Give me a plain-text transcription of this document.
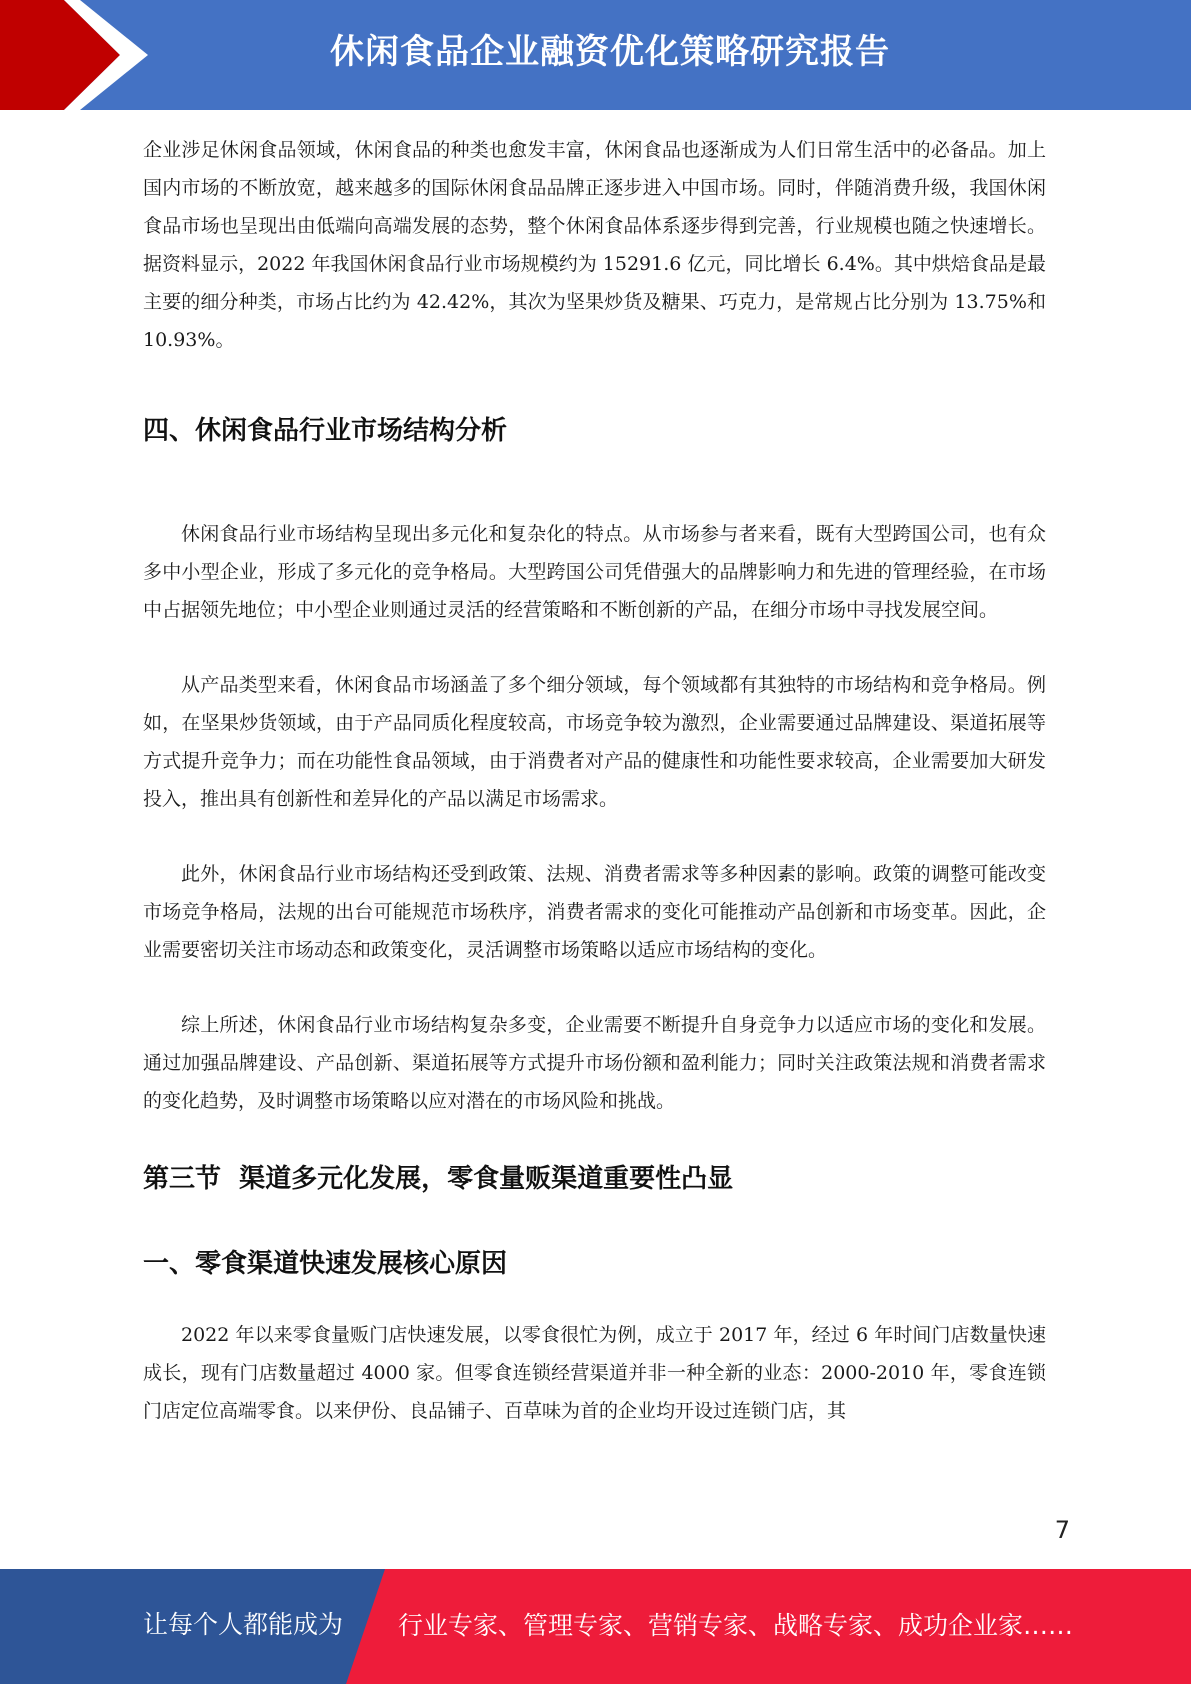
休闲食品企业融资优化策略研究报告

企业涉足休闲食品领域，休闲食品的种类也愈发丰富，休闲食品也逐渐成为人们日常生活中的必备品。加上国内市场的不断放宽，越来越多的国际休闲食品品牌正逐步进入中国市场。同时，伴随消费升级，我国休闲食品市场也呈现出由低端向高端发展的态势，整个休闲食品体系逐步得到完善，行业规模也随之快速增长。据资料显示，2022 年我国休闲食品行业市场规模约为 15291.6 亿元，同比增长 6.4%。其中烘焙食品是最主要的细分种类，市场占比约为 42.42%，其次为坚果炒货及糖果、巧克力，是常规占比分别为 13.75%和 10.93%。

四、休闲食品行业市场结构分析

休闲食品行业市场结构呈现出多元化和复杂化的特点。从市场参与者来看，既有大型跨国公司，也有众多中小型企业，形成了多元化的竞争格局。大型跨国公司凭借强大的品牌影响力和先进的管理经验，在市场中占据领先地位；中小型企业则通过灵活的经营策略和不断创新的产品，在细分市场中寻找发展空间。

从产品类型来看，休闲食品市场涵盖了多个细分领域，每个领域都有其独特的市场结构和竞争格局。例如，在坚果炒货领域，由于产品同质化程度较高，市场竞争较为激烈，企业需要通过品牌建设、渠道拓展等方式提升竞争力；而在功能性食品领域，由于消费者对产品的健康性和功能性要求较高，企业需要加大研发投入，推出具有创新性和差异化的产品以满足市场需求。

此外，休闲食品行业市场结构还受到政策、法规、消费者需求等多种因素的影响。政策的调整可能改变市场竞争格局，法规的出台可能规范市场秩序，消费者需求的变化可能推动产品创新和市场变革。因此，企业需要密切关注市场动态和政策变化，灵活调整市场策略以适应市场结构的变化。

综上所述，休闲食品行业市场结构复杂多变，企业需要不断提升自身竞争力以适应市场的变化和发展。通过加强品牌建设、产品创新、渠道拓展等方式提升市场份额和盈利能力；同时关注政策法规和消费者需求的变化趋势，及时调整市场策略以应对潜在的市场风险和挑战。

第三节  渠道多元化发展，零食量贩渠道重要性凸显
一、零食渠道快速发展核心原因

2022 年以来零食量贩门店快速发展，以零食很忙为例，成立于 2017 年，经过 6 年时间门店数量快速成长，现有门店数量超过 4000 家。但零食连锁经营渠道并非一种全新的业态：2000-2010 年，零食连锁门店定位高端零食。以来伊份、良品铺子、百草味为首的企业均开设过连锁门店，其

7
让每个人都能成为 行业专家、管理专家、营销专家、战略专家、成功企业家……
